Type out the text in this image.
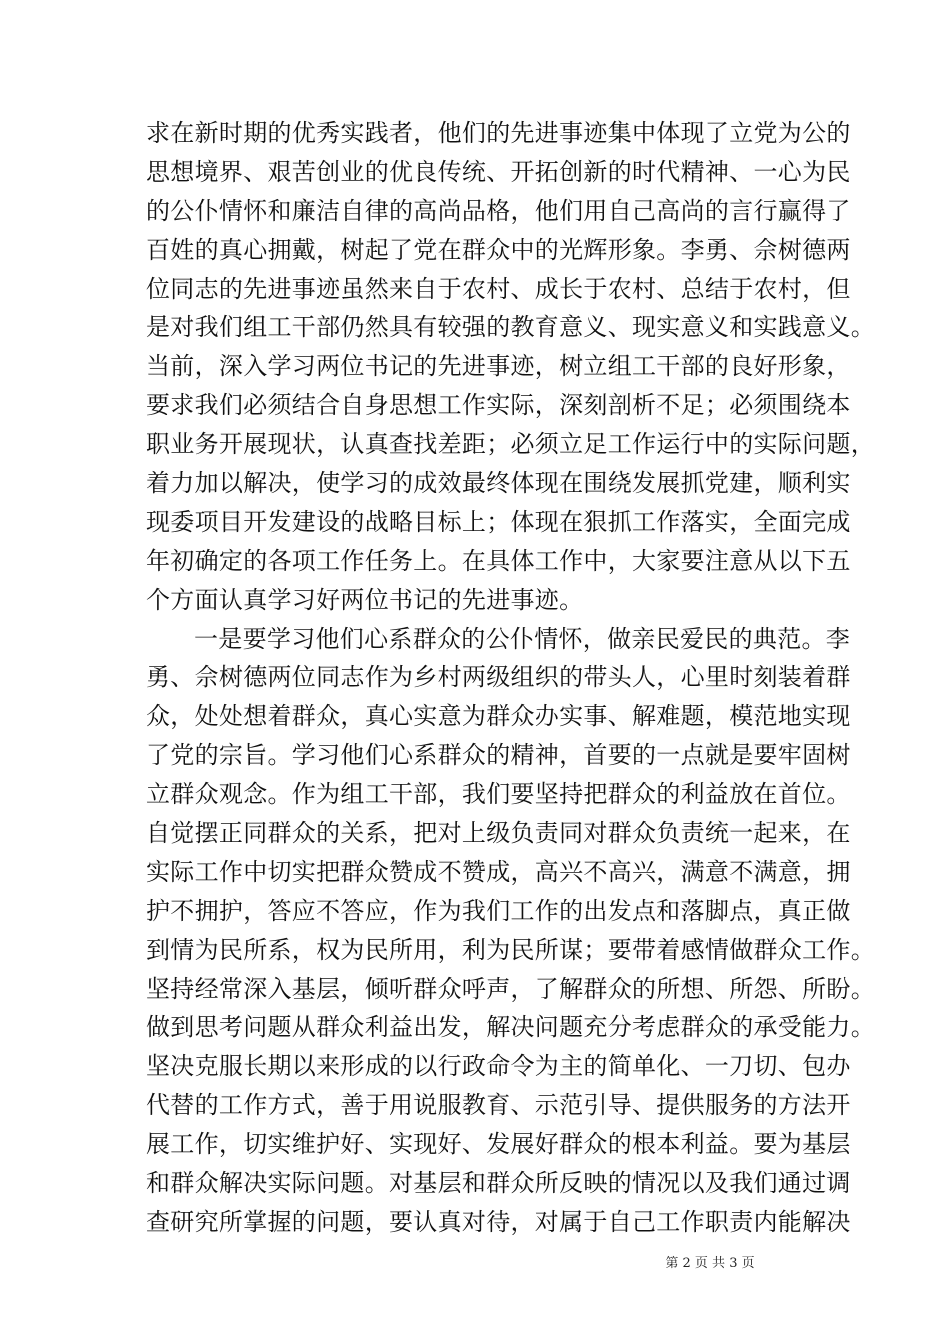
求在新时期的优秀实践者，他们的先进事迹集中体现了立党为公的
思想境界、艰苦创业的优良传统、开拓创新的时代精神、一心为民
的公仆情怀和廉洁自律的高尚品格，他们用自己高尚的言行赢得了
百姓的真心拥戴，树起了党在群众中的光辉形象。李勇、佘树德两
位同志的先进事迹虽然来自于农村、成长于农村、总结于农村，但
是对我们组工干部仍然具有较强的教育意义、现实意义和实践意义。
当前，深入学习两位书记的先进事迹，树立组工干部的良好形象，
要求我们必须结合自身思想工作实际，深刻剖析不足；必须围绕本
职业务开展现状，认真查找差距；必须立足工作运行中的实际问题，
着力加以解决，使学习的成效最终体现在围绕发展抓党建，顺利实
现委项目开发建设的战略目标上；体现在狠抓工作落实，全面完成
年初确定的各项工作任务上。在具体工作中，大家要注意从以下五
个方面认真学习好两位书记的先进事迹。
一是要学习他们心系群众的公仆情怀，做亲民爱民的典范。李
勇、佘树德两位同志作为乡村两级组织的带头人，心里时刻装着群
众，处处想着群众，真心实意为群众办实事、解难题，模范地实现
了党的宗旨。学习他们心系群众的精神，首要的一点就是要牢固树
立群众观念。作为组工干部，我们要坚持把群众的利益放在首位。
自觉摆正同群众的关系，把对上级负责同对群众负责统一起来，在
实际工作中切实把群众赞成不赞成，高兴不高兴，满意不满意，拥
护不拥护，答应不答应，作为我们工作的出发点和落脚点，真正做
到情为民所系，权为民所用，利为民所谋；要带着感情做群众工作。
坚持经常深入基层，倾听群众呼声，了解群众的所想、所怨、所盼。
做到思考问题从群众利益出发，解决问题充分考虑群众的承受能力。
坚决克服长期以来形成的以行政命令为主的简单化、一刀切、包办
代替的工作方式，善于用说服教育、示范引导、提供服务的方法开
展工作，切实维护好、实现好、发展好群众的根本利益。要为基层
和群众解决实际问题。对基层和群众所反映的情况以及我们通过调
查研究所掌握的问题，要认真对待，对属于自己工作职责内能解决
第 2 页 共 3 页
